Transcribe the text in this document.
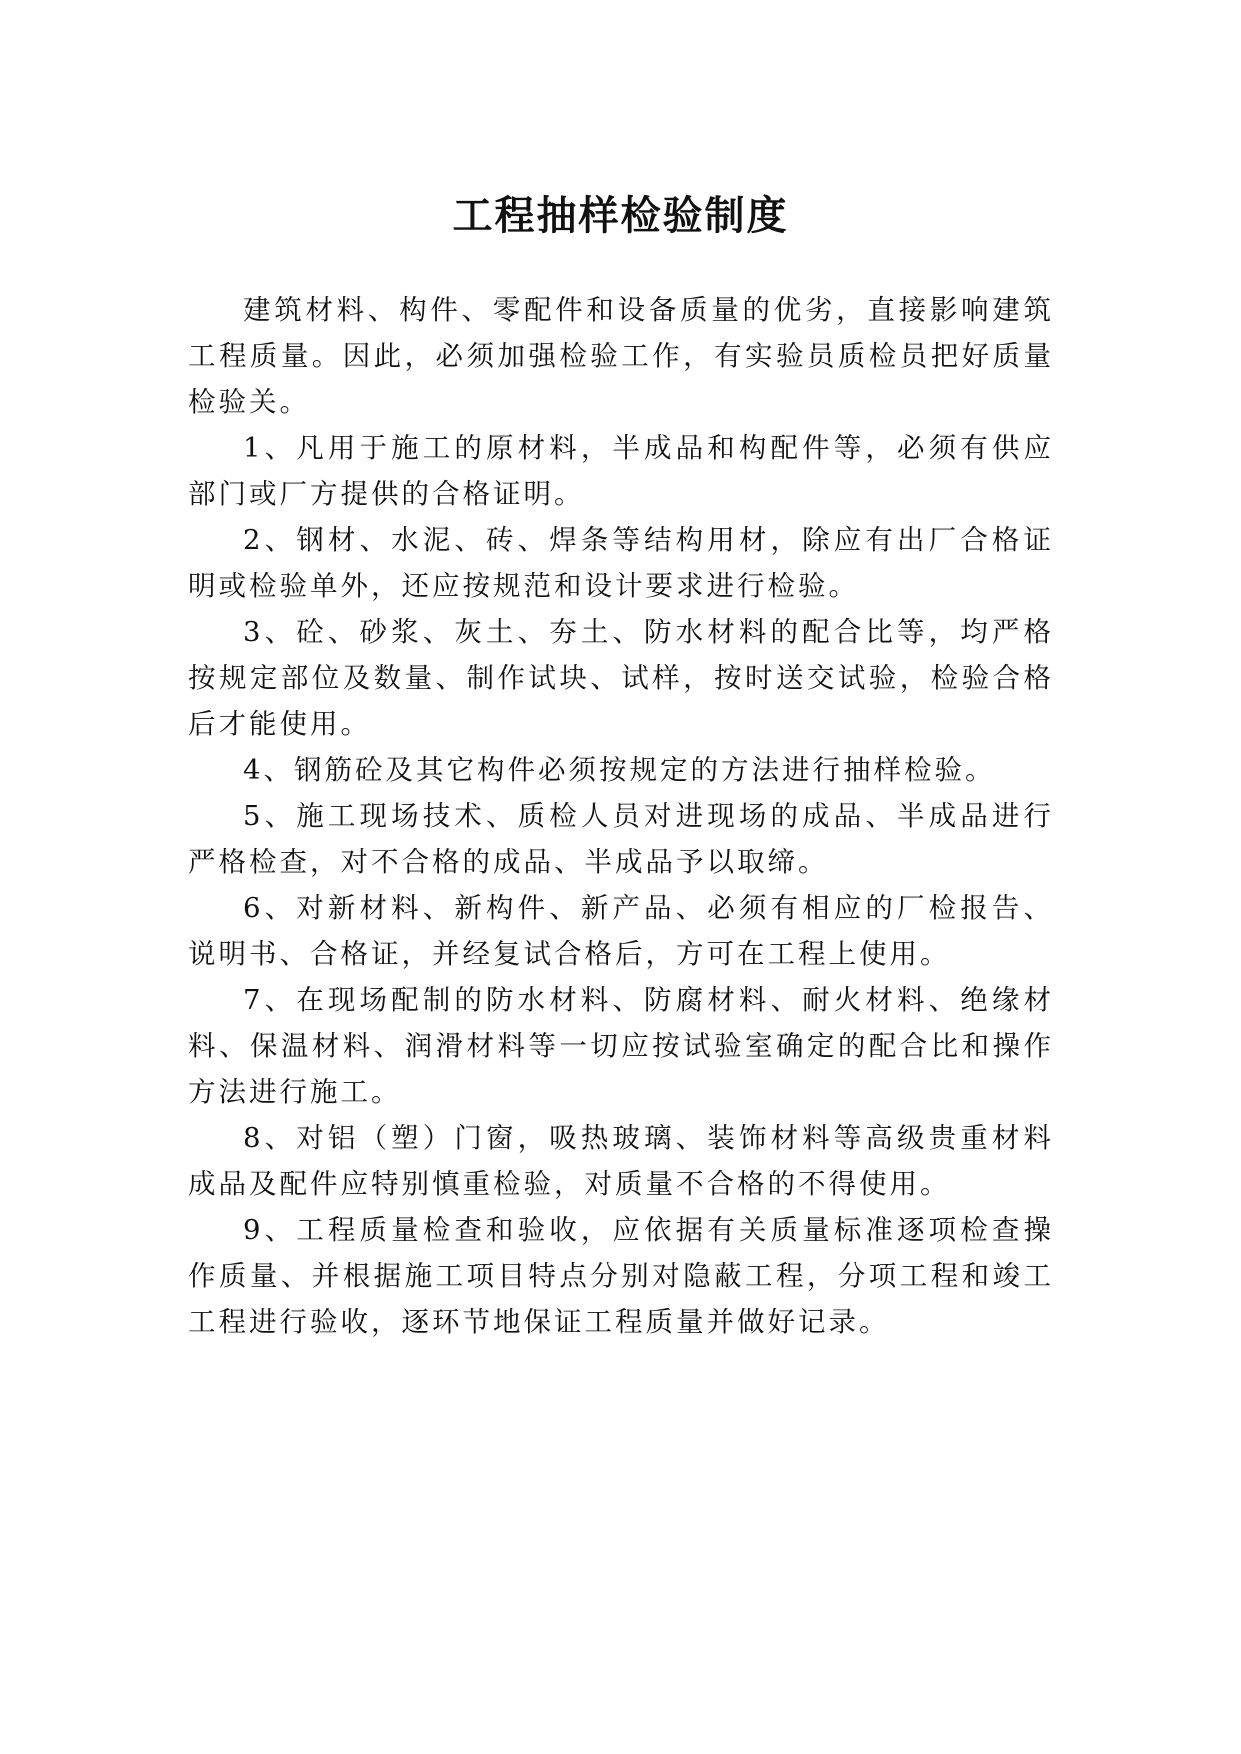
工程抽样检验制度

建筑材料、构件、零配件和设备质量的优劣，直接影响建筑工程质量。因此，必须加强检验工作，有实验员质检员把好质量检验关。

1、凡用于施工的原材料，半成品和构配件等，必须有供应部门或厂方提供的合格证明。

2、钢材、水泥、砖、焊条等结构用材，除应有出厂合格证明或检验单外，还应按规范和设计要求进行检验。

3、砼、砂浆、灰土、夯土、防水材料的配合比等，均严格按规定部位及数量、制作试块、试样，按时送交试验，检验合格后才能使用。

4、钢筋砼及其它构件必须按规定的方法进行抽样检验。

5、施工现场技术、质检人员对进现场的成品、半成品进行严格检查，对不合格的成品、半成品予以取缔。

6、对新材料、新构件、新产品、必须有相应的厂检报告、说明书、合格证，并经复试合格后，方可在工程上使用。

7、在现场配制的防水材料、防腐材料、耐火材料、绝缘材料、保温材料、润滑材料等一切应按试验室确定的配合比和操作方法进行施工。

8、对铝（塑）门窗，吸热玻璃、装饰材料等高级贵重材料成品及配件应特别慎重检验，对质量不合格的不得使用。

9、工程质量检查和验收，应依据有关质量标准逐项检查操作质量、并根据施工项目特点分别对隐蔽工程，分项工程和竣工工程进行验收，逐环节地保证工程质量并做好记录。
